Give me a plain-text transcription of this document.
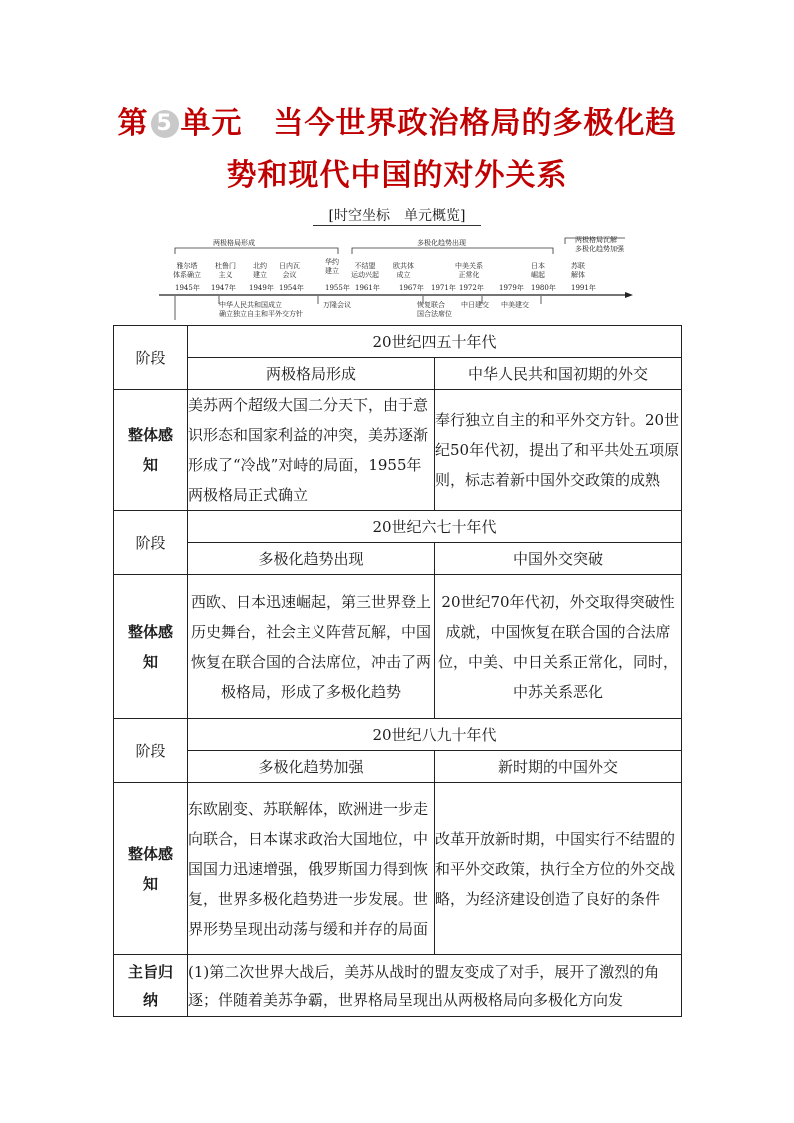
第 5 单元　当今世界政治格局的多极化趋
势和现代中国的对外关系
[时空坐标　单元概览]
两极格局形成	多极化趋势出现	两极格局瓦解
多极化趋势加强
雅尔塔
体系确立
1945年
杜鲁门
主义
1947年
北约
建立
1949年
日内瓦
会议
1954年
华约
建立
1955年
不结盟
运动兴起
1961年
欧共体
成立
1967年 1971年
中美关系
正常化
1972年 1979年
日本
崛起
1980年
苏联
解体
1991年
中华人民共和国成立
确立独立自主和平外交方针
万隆会议	恢复联合
国合法席位
中日建交 中美建交
阶段	20世纪四五十年代	
	两极格局形成	中华人民共和国初期的外交
整体感
知	美苏两个超级大国二分天下，由于意识形态和国家利益的冲突，美苏逐渐形成了“冷战”对峙的局面，1955年两极格局正式确立	奉行独立自主的和平外交方针。20世纪50年代初，提出了和平共处五项原则，标志着新中国外交政策的成熟
阶段	20世纪六七十年代	
	多极化趋势出现	中国外交突破
整体感
知	西欧、日本迅速崛起，第三世界登上历史舞台，社会主义阵营瓦解，中国恢复在联合国的合法席位，冲击了两极格局，形成了多极化趋势	20世纪70年代初，外交取得突破性成就，中国恢复在联合国的合法席位，中美、中日关系正常化，同时，中苏关系恶化
阶段	20世纪八九十年代	
	多极化趋势加强	新时期的中国外交
整体感
知	东欧剧变、苏联解体，欧洲进一步走向联合，日本谋求政治大国地位，中国国力迅速增强，俄罗斯国力得到恢复，世界多极化趋势进一步发展。世界形势呈现出动荡与缓和并存的局面	改革开放新时期，中国实行不结盟的和平外交政策，执行全方位的外交战略，为经济建设创造了良好的条件
主旨归
纳	(1)第二次世界大战后，美苏从战时的盟友变成了对手，展开了激烈的角逐；伴随着美苏争霸，世界格局呈现出从两极格局向多极化方向发	
